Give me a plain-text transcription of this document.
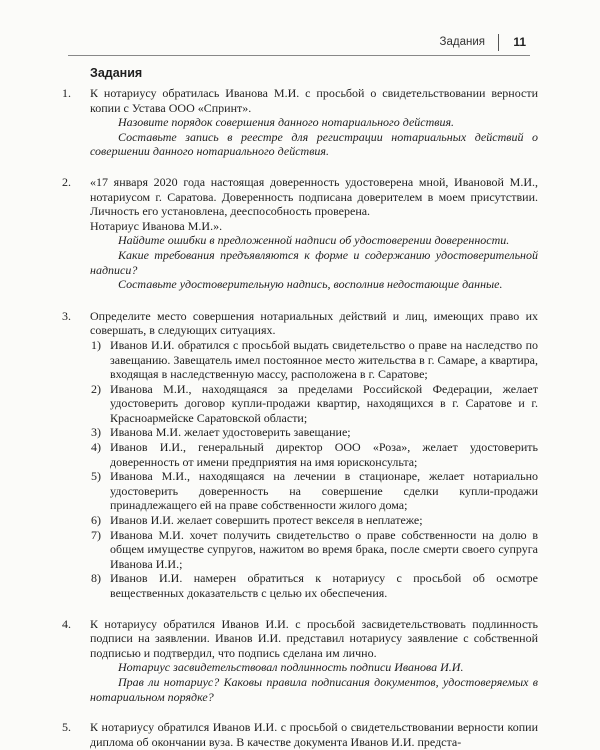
Задания 11
Задания
1. К нотариусу обратилась Иванова М.И. с просьбой о свидетельствовании верности копии с Устава ООО «Спринт».

Назовите порядок совершения данного нотариального действия.
Составьте запись в реестре для регистрации нотариальных действий о совершении данного нотариального действия.
2. «17 января 2020 года настоящая доверенность удостоверена мной, Ивановой М.И., нотариусом г. Саратова. Доверенность подписана доверителем в моем присутствии. Личность его установлена, дееспособность проверена.

Нотариус Иванова М.И.».

Найдите ошибки в предложенной надписи об удостоверении доверенности.
Какие требования предъявляются к форме и содержанию удостоверительной надписи?
Составьте удостоверительную надпись, восполнив недостающие данные.
3. Определите место совершения нотариальных действий и лиц, имеющих право их совершать, в следующих ситуациях.

1) Иванов И.И. обратился с просьбой выдать свидетельство о праве на наследство по завещанию. Завещатель имел постоянное место жительства в г. Самаре, а квартира, входящая в наследственную массу, расположена в г. Саратове;
2) Иванова М.И., находящаяся за пределами Российской Федерации, желает удостоверить договор купли-продажи квартир, находящихся в г. Саратове и г. Красноармейске Саратовской области;
3) Иванова М.И. желает удостоверить завещание;
4) Иванов И.И., генеральный директор ООО «Роза», желает удостоверить доверенность от имени предприятия на имя юрисконсульта;
5) Иванова М.И., находящаяся на лечении в стационаре, желает нотариально удостоверить доверенность на совершение сделки купли-продажи принадлежащего ей на праве собственности жилого дома;
6) Иванов И.И. желает совершить протест векселя в неплатеже;
7) Иванова М.И. хочет получить свидетельство о праве собственности на долю в общем имуществе супругов, нажитом во время брака, после смерти своего супруга Иванова И.И.;
8) Иванов И.И. намерен обратиться к нотариусу с просьбой об осмотре вещественных доказательств с целью их обеспечения.
4. К нотариусу обратился Иванов И.И. с просьбой засвидетельствовать подлинность подписи на заявлении. Иванов И.И. представил нотариусу заявление с собственной подписью и подтвердил, что подпись сделана им лично.

Нотариус засвидетельствовал подлинность подписи Иванова И.И.
Прав ли нотариус? Каковы правила подписания документов, удостоверяемых в нотариальном порядке?
5. К нотариусу обратился Иванов И.И. с просьбой о свидетельствовании верности копии диплома об окончании вуза. В качестве документа Иванов И.И. предста-
